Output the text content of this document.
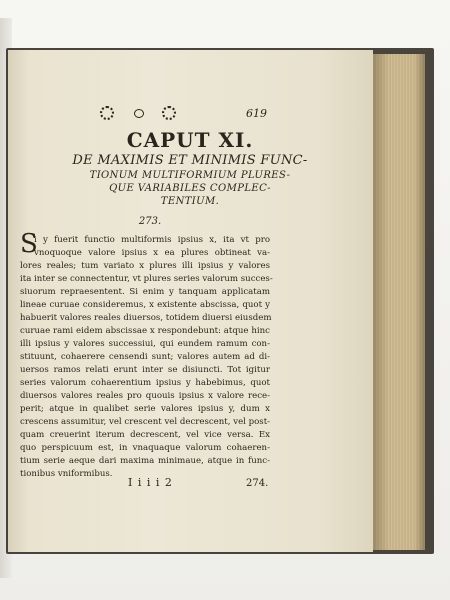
619
CAPUT XI.
DE MAXIMIS ET MINIMIS FUNC-
TIONUM MULTIFORMIUM PLURES-
QUE VARIABILES COMPLEC-
TENTIUM.
273.
S
i y fuerit functio multiformis ipsius x, ita vt pro
vnoquoque valore ipsius x ea plures obtineat va-
lores reales; tum variato x plures illi ipsius y valores
ita inter se connectentur, vt plures series valorum succes-
siuorum repraesentent. Si enim y tanquam applicatam
lineae curuae consideremus, x existente abscissa, quot y
habuerit valores reales diuersos, totidem diuersi eiusdem
curuae rami eidem abscissae x respondebunt: atque hinc
illi ipsius y valores successiui, qui eundem ramum con-
stituunt, cohaerere censendi sunt; valores autem ad di-
uersos ramos relati erunt inter se disiuncti. Tot igitur
series valorum cohaerentium ipsius y habebimus, quot
diuersos valores reales pro quouis ipsius x valore rece-
perit; atque in qualibet serie valores ipsius y, dum x
crescens assumitur, vel crescent vel decrescent, vel post-
quam creuerint iterum decrescent, vel vice versa. Ex
quo perspicuum est, in vnaquaque valorum cohaeren-
tium serie aeque dari maxima minimaue, atque in func-
tionibus vniformibus.
I i i i 2	274.
